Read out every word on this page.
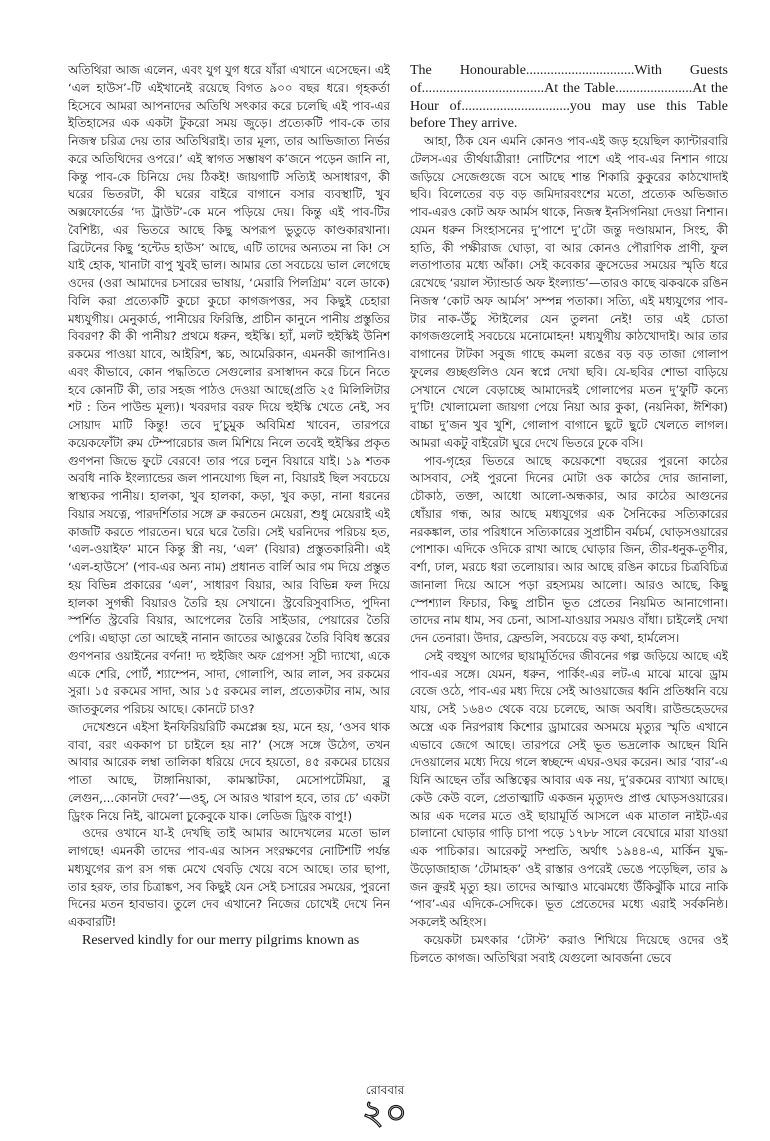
অতিথিরা আজ এলেন, এবং যুগ যুগ ধরে যাঁরা এখানে এসেছেন। এই ‘এল হাউস’-টি এইখানেই রয়েছে বিগত ৯০০ বছর ধরে। গৃহকর্তা হিসেবে আমরা আপনাদের অতিথি সৎকার করে চলেছি এই পাব-এর ইতিহাসের এক একটা টুকরো সময় জুড়ে। প্রত্যেকটি পাব-কে তার নিজস্ব চরিত্র দেয় তার অতিথিরাই। তার মূল্য, তার আভিজাত্য নির্ভর করে অতিথিদের ওপরে।’ এই স্বাগত সম্ভাষণ ক’জনে পড়েন জানি না, কিন্তু পাব-কে চিনিয়ে দেয় ঠিকই! জায়গাটি সত্যিই অসাধারণ, কী ঘরের ভিতরটা, কী ঘরের বাইরে বাগানে বসার ব্যবস্থাটি, খুব অক্সফোর্ডের ‘দ্য ট্রাউট’-কে মনে পড়িয়ে দেয়। কিন্তু এই পাব-টির বৈশিষ্ট্য, এর ভিতরে আছে কিছু অপরূপ ভুতুড়ে কাণ্ডকারখানা। ব্রিটেনের কিছু ‘হন্টেড হাউস’ আছে, এটি তাদের অন্যতম না কি! সে যাই হোক, খানাটা বাপু খুবই ভাল। আমার তো সবচেয়ে ভাল লেগেছে ওদের (ওরা আমাদের চসারের ভাষায়, ‘মেরারি পিলগ্রিম’ বলে ডাকে) বিলি করা প্রত্যেকটি কুচো কুচো কাগজপত্তর, সব কিছুই চেহারা মধ্যযুগীয়। মেনুকার্ড, পানীয়ের ফিরিস্তি, প্রাচীন কানুনে পানীয় প্রস্তুতির বিবরণ? কী কী পানীয়? প্রথমে ধরুন, হুইস্কি। হ্যাঁ, মলট হুইস্কিই উনিশ রকমের পাওয়া যাবে, আইরিশ, স্কচ, আমেরিকান, এমনকী জাপানিও। এবং কীভাবে, কোন পদ্ধতিতে সেগুলোর রসাস্বাদন করে চিনে নিতে হবে কোনটি কী, তার সহজ পাঠও দেওয়া আছে(প্রতি ২৫ মিলিলিটার শট : তিন পাউন্ড মূল্য)। খবরদার বরফ দিয়ে হুইস্কি খেতে নেই, সব সোয়াদ মাটি কিন্তু! তবে দু’চুমুক অবিমিশ্র খাবেন, তারপরে কয়েকফোঁটা রুম টেম্পারেচার জল মিশিয়ে নিলে তবেই হুইস্কির প্রকৃত গুণপনা জিভে ফুটে বেরবে! তার পরে চলুন বিয়ারে যাই। ১৯ শতক অবধি নাকি ইংল্যান্ডের জল পানযোগ্য ছিল না, বিয়ারই ছিল সবচেয়ে স্বাস্থ্যকর পানীয়। হালকা, খুব হালকা, কড়া, খুব কড়া, নানা ধরনের বিয়ার সযত্নে, পারদর্শিতার সঙ্গে ব্রু করতেন মেয়েরা, শুধু মেয়েরাই এই কাজটি করতে পারতেন। ঘরে ঘরে তৈরি। সেই ঘরনিদের পরিচয় হত, ‘এল-ওয়াইফ’ মানে কিন্তু স্ত্রী নয়, ‘এল’ (বিয়ার) প্রস্তুতকারিনী। এই ‘এল-হাউসে’ (পাব-এর অন্য নাম) প্রধানত বার্লি আর গম দিয়ে প্রস্তুত হয় বিভিন্ন প্রকারের ‘এল’, সাধারণ বিয়ার, আর বিভিন্ন ফল দিয়ে হালকা সুগন্ধী বিয়ারও তৈরি হয় সেখানে। স্ট্রবেরিসুবাসিত, পুদিনা স্পর্শিত স্ট্রবেরি বিয়ার, আপেলের তৈরি সাইডার, পেয়ারের তৈরি পেরি। এছাড়া তো আছেই নানান জাতের আঙুরের তৈরি বিবিধ স্তরের গুণপনার ওয়াইনের বর্ণনা! দ্য হুইজিং অফ গ্রেপস! সূচী দ্যাখো, একে একে শেরি, পোর্ট, শ্যাম্পেন, সাদা, গোলাপি, আর লাল, সব রকমের সুরা। ১৫ রকমের সাদা, আর ১৫ রকমের লাল, প্রত্যেকটার নাম, আর জাতকুলের পরিচয় আছে। কোনটে চাও?

দেখেশুনে এইসা ইনফিরিয়রিটি কমপ্লেক্স হয়, মনে হয়, ‘ওসব থাক বাবা, বরং এককাপ চা চাইলে হয় না?’ (সঙ্গে সঙ্গে উঠেগ, তখন আবার আরেক লম্বা তালিকা ধরিয়ে দেবে হয়তো, ৪৫ রকমের চায়ের পাতা আছে, টাঙ্গানিয়াকা, কামস্কাটকা, মেসোপটেমিয়া, ব্লু লেগুন,...কোনটা দেব?’—ওহ্, সে আরও খারাপ হবে, তার চে’ একটা ড্রিংক নিয়ে নিই, ঝামেলা চুকেবুকে যাক। লেডিজ ড্রিংক বাপু!)

ওদের ওখানে যা-ই দেখছি তাই আমার আদেখলের মতো ভাল লাগছে! এমনকী তাদের পাব-এর আসন সংরক্ষণের নোটিশটি পর্যন্ত মধ্যযুগের রূপ রস গন্ধ মেখে থেবড়ি খেয়ে বসে আছে। তার ছাপা, তার হরফ, তার চিত্রাঙ্কণ, সব কিছুই যেন সেই চসারের সময়ের, পুরনো দিনের মতন হাবভাব। তুলে দেব এখানে? নিজের চোখেই দেখে নিন একবারটি!

Reserved kindly for our merry pilgrims known as

The Honourable...............................With Guests of...................................At the Table......................At the Hour of...............................you may use this Table before They arrive.

আহা, ঠিক যেন এমনি কোনও পাব-এই জড় হয়েছিল ক্যান্টারবারি টেলস-এর তীর্থযাত্রীরা! নোটিশের পাশে এই পাব-এর নিশান গায়ে জড়িয়ে সেজেগুজে বসে আছে শান্ত শিকারি কুকুরের কাঠখোদাই ছবি। বিলেতের বড় বড় জমিদারবংশের মতো, প্রত্যেক অভিজাত পাব-এরও কোট অফ আর্মস থাকে, নিজস্ব ইনসিগনিয়া দেওয়া নিশান। যেমন ধরুন সিংহাসনের দু’পাশে দু’টো জন্তু দণ্ডায়মান, সিংহ, কী হাতি, কী পক্ষীরাজ ঘোড়া, বা আর কোনও পৌরাণিক প্রাণী, ফুল লতাপাতার মধ্যে আঁকা। সেই কবেকার ক্রুসেডের সময়ের স্মৃতি ধরে রেখেছে ‘রয়াল স্ট্যান্ডার্ড অফ ইংল্যান্ড’—তারও কাছে ঝকঝকে রঙিন নিজস্ব ‘কোট অফ আর্মস’ সম্পন্ন পতাকা। সত্যি, এই মধ্যযুগের পাব-টার নাক-উঁচু স্টাইলের যেন তুলনা নেই! তার এই চোতা কাগজগুলোই সবচেয়ে মনোমোহন! মধ্যযুগীয় কাঠখোদাই। আর তার বাগানের টাটকা সবুজ গাছে কমলা রঙের বড় বড় তাজা গোলাপ ফুলের গুচ্ছগুলিও যেন স্বপ্নে দেখা ছবি। যে-ছবির শোভা বাড়িয়ে সেখানে খেলে বেড়াচ্ছে আমাদেরই গোলাপের মতন দু’ফুটি কন্যে দু’টি! খোলামেলা জায়গা পেয়ে নিয়া আর কুকা, (নয়নিকা, ঈশিকা) বাচ্চা দু’জন খুব খুশি, গোলাপ বাগানে ছুটে ছুটে খেলতে লাগল। আমরা একটু বাইরেটা ঘুরে দেখে ভিতরে ঢুকে বসি।

পাব-গৃহের ভিতরে আছে কয়েকশো বছরের পুরনো কাঠের আসবাব, সেই পুরনো দিনের মোটা ওক কাঠের দোর জানালা, চৌকাঠ, তক্তা, আধো আলো-অন্ধকার, আর কাঠের আগুনের ধোঁয়ার গন্ধ, আর আছে মধ্যযুগের এক সৈনিকের সত্যিকারের নরকঙ্কাল, তার পরিধানে সত্যিকারের সুপ্রাচীন বর্মচর্ম, ঘোড়সওয়ারের পোশাক। এদিকে ওদিকে রাখা আছে ঘোড়ার জিন, তীর-ধনুক-তূণীর, বর্শা, ঢাল, মরচে ধরা তলোয়ার। আর আছে রঙিন কাচের চিত্রবিচিত্র জানালা দিয়ে আসে পড়া রহস্যময় আলো। আরও আছে, কিছু স্পেশ্যাল ফিচার, কিছু প্রাচীন ভূত প্রেতের নিয়মিত আনাগোনা। তাদের নাম ধাম, সব চেনা, আসা-যাওয়ার সময়ও বাঁধা। চাইলেই দেখা দেন তেনারা। উদার, ফ্রেন্ডলি, সবচেয়ে বড় কথা, হার্মলেস।

সেই বহুযুগ আগের ছায়ামূর্তিদের জীবনের গল্প জড়িয়ে আছে এই পাব-এর সঙ্গে। যেমন, ধরুন, পার্কিং-এর লট-এ মাঝে মাঝে ড্রাম বেজে ওঠে, পাব-এর মধ্য দিয়ে সেই আওয়াজের ধ্বনি প্রতিধ্বনি বয়ে যায়, সেই ১৬৪৩ থেকে বয়ে চলেছে, আজ অবধি। রাউন্ডহেডদের অস্ত্রে এক নিরপরাধ কিশোর ড্রামারের অসময়ে মৃত্যুর স্মৃতি এখানে এভাবে জেগে আছে। তারপরে সেই ভূত ভদ্রলোক আছেন যিনি দেওয়ালের মধ্যে দিয়ে গলে স্বচ্ছন্দে এঘর-ওঘর করেন। আর ‘বার’-এ যিনি আছেন তাঁর অস্তিত্বের আবার এক নয়, দু’রকমের ব্যাখ্যা আছে। কেউ কেউ বলে, প্রেতাত্মাটি একজন মৃত্যুদণ্ড প্রাপ্ত ঘোড়সওয়ারের। আর এক দলের মতে ওই ছায়ামূর্তি আসলে এক মাতাল নাইট-এর চালানো ঘোড়ার গাড়ি চাপা পড়ে ১৭৮৮ সালে বেঘোরে মারা যাওয়া এক পাচিকার। আরেকটু সম্প্রতি, অর্থাৎ ১৯৪৪-এ, মার্কিন যুদ্ধ-উড়োজাহাজ ‘টোমাহক’ ওই রাস্তার ওপরেই ভেঙে পড়েছিল, তার ৯ জন ক্রুরই মৃত্যু হয়। তাদের আত্মাও মাঝেমধ্যে উঁকিঝুঁকি মারে নাকি ‘পাব’-এর এদিকে-সেদিকে। ভূত প্রেতেদের মধ্যে এরাই সর্বকনিষ্ঠ। সকলেই অহিংস।

কয়েকটা চমৎকার ‘টোস্ট’ করাও শিখিয়ে দিয়েছে ওদের ওই চিলতে কাগজ। অতিথিরা সবাই যেগুলো আবর্জনা ভেবে

রোববার
২০
